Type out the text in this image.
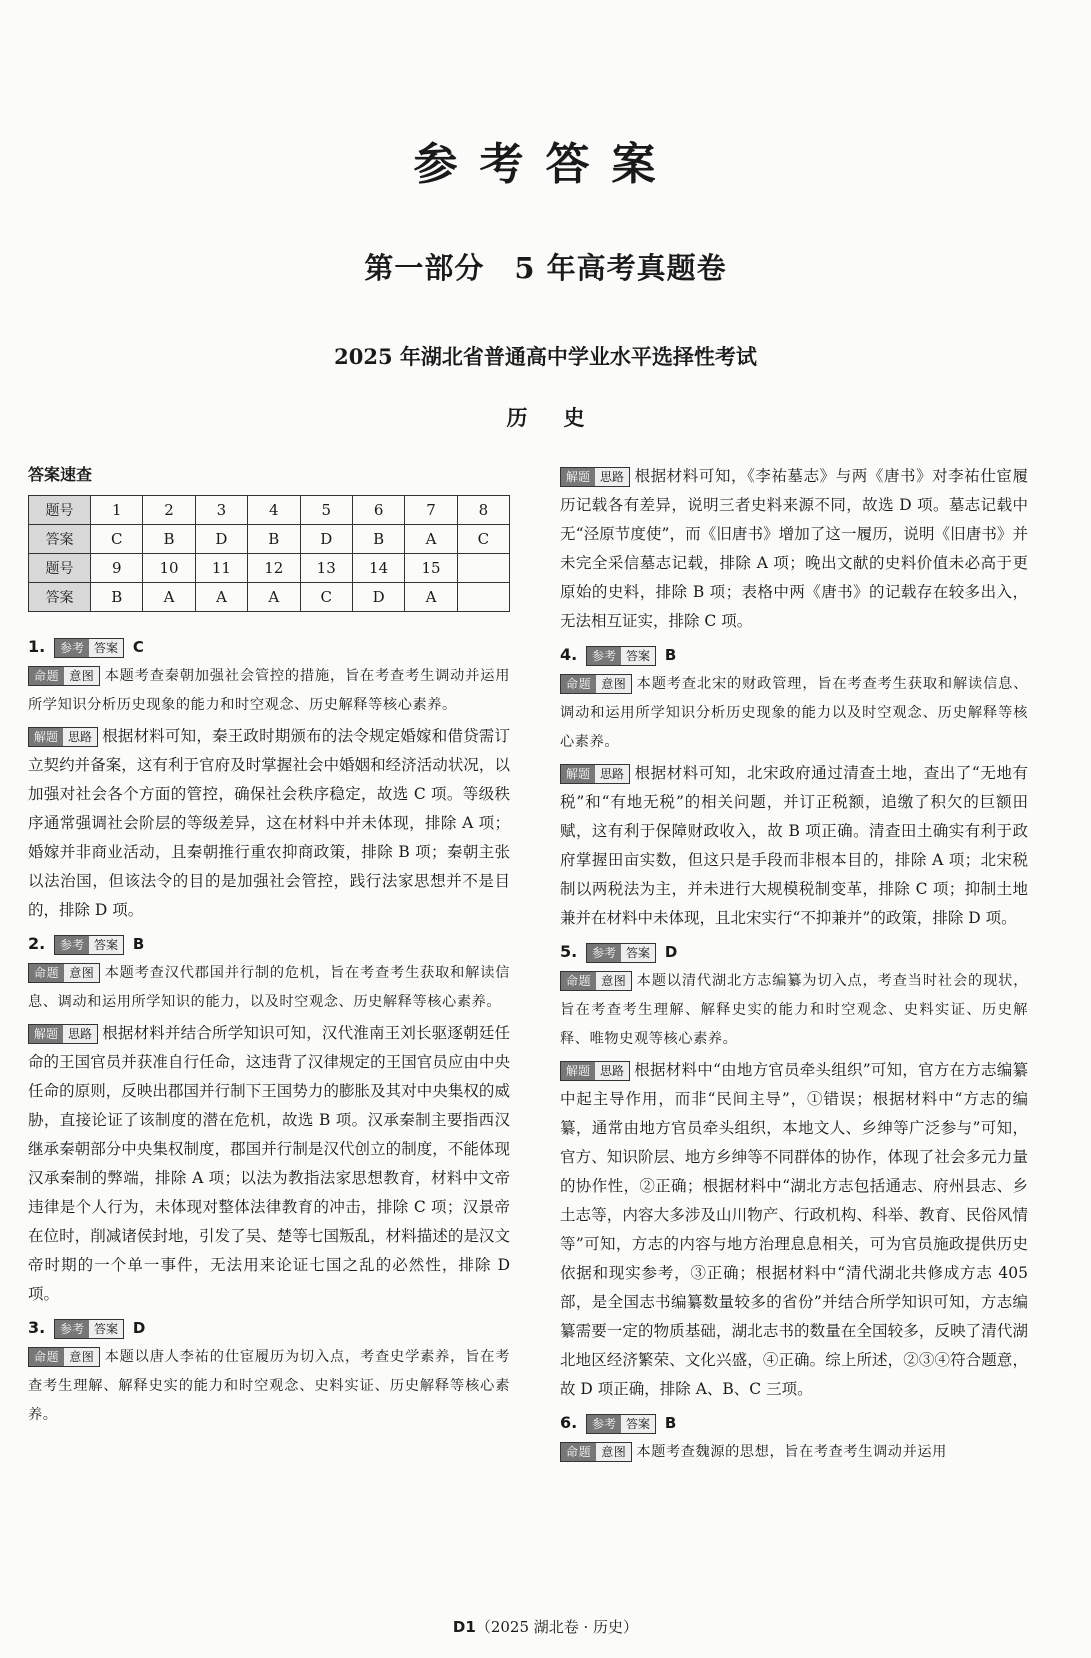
参考答案
第一部分　5 年高考真题卷
2025 年湖北省普通高中学业水平选择性考试
历史
答案速查
题号	1	2	3	4	5	6	7	8
答案	C	B	D	B	D	B	A	C
题号	9	10	11	12	13	14	15	
答案	B	A	A	A	C	D	A	
1. 参考 答案 C
命题 意图 本题考查秦朝加强社会管控的措施，旨在考查考生调动并运用所学知识分析历史现象的能力和时空观念、历史解释等核心素养。
解题 思路 根据材料可知，秦王政时期颁布的法令规定婚嫁和借贷需订立契约并备案，这有利于官府及时掌握社会中婚姻和经济活动状况，以加强对社会各个方面的管控，确保社会秩序稳定，故选 C 项。等级秩序通常强调社会阶层的等级差异，这在材料中并未体现，排除 A 项；婚嫁并非商业活动，且秦朝推行重农抑商政策，排除 B 项；秦朝主张以法治国，但该法令的目的是加强社会管控，践行法家思想并不是目的，排除 D 项。
2. 参考 答案 B
命题 意图 本题考查汉代郡国并行制的危机，旨在考查考生获取和解读信息、调动和运用所学知识的能力，以及时空观念、历史解释等核心素养。
解题 思路 根据材料并结合所学知识可知，汉代淮南王刘长驱逐朝廷任命的王国官员并获准自行任命，这违背了汉律规定的王国官员应由中央任命的原则，反映出郡国并行制下王国势力的膨胀及其对中央集权的威胁，直接论证了该制度的潜在危机，故选 B 项。汉承秦制主要指西汉继承秦朝部分中央集权制度，郡国并行制是汉代创立的制度，不能体现汉承秦制的弊端，排除 A 项；以法为教指法家思想教育，材料中文帝违律是个人行为，未体现对整体法律教育的冲击，排除 C 项；汉景帝在位时，削减诸侯封地，引发了吴、楚等七国叛乱，材料描述的是汉文帝时期的一个单一事件，无法用来论证七国之乱的必然性，排除 D 项。
3. 参考 答案 D
命题 意图 本题以唐人李祐的仕宦履历为切入点，考查史学素养，旨在考查考生理解、解释史实的能力和时空观念、史料实证、历史解释等核心素养。
解题 思路 根据材料可知，《李祐墓志》与两《唐书》对李祐仕宦履历记载各有差异，说明三者史料来源不同，故选 D 项。墓志记载中无“泾原节度使”，而《旧唐书》增加了这一履历，说明《旧唐书》并未完全采信墓志记载，排除 A 项；晚出文献的史料价值未必高于更原始的史料，排除 B 项；表格中两《唐书》的记载存在较多出入，无法相互证实，排除 C 项。
4. 参考 答案 B
命题 意图 本题考查北宋的财政管理，旨在考查考生获取和解读信息、调动和运用所学知识分析历史现象的能力以及时空观念、历史解释等核心素养。
解题 思路 根据材料可知，北宋政府通过清查土地，查出了“无地有税”和“有地无税”的相关问题，并订正税额，追缴了积欠的巨额田赋，这有利于保障财政收入，故 B 项正确。清查田土确实有利于政府掌握田亩实数，但这只是手段而非根本目的，排除 A 项；北宋税制以两税法为主，并未进行大规模税制变革，排除 C 项；抑制土地兼并在材料中未体现，且北宋实行“不抑兼并”的政策，排除 D 项。
5. 参考 答案 D
命题 意图 本题以清代湖北方志编纂为切入点，考查当时社会的现状，旨在考查考生理解、解释史实的能力和时空观念、史料实证、历史解释、唯物史观等核心素养。
解题 思路 根据材料中“由地方官员牵头组织”可知，官方在方志编纂中起主导作用，而非“民间主导”，①错误；根据材料中“方志的编纂，通常由地方官员牵头组织，本地文人、乡绅等广泛参与”可知，官方、知识阶层、地方乡绅等不同群体的协作，体现了社会多元力量的协作性，②正确；根据材料中“湖北方志包括通志、府州县志、乡土志等，内容大多涉及山川物产、行政机构、科举、教育、民俗风情等”可知，方志的内容与地方治理息息相关，可为官员施政提供历史依据和现实参考，③正确；根据材料中“清代湖北共修成方志 405 部，是全国志书编纂数量较多的省份”并结合所学知识可知，方志编纂需要一定的物质基础，湖北志书的数量在全国较多，反映了清代湖北地区经济繁荣、文化兴盛，④正确。综上所述，②③④符合题意，故 D 项正确，排除 A、B、C 三项。
6. 参考 答案 B
命题 意图 本题考查魏源的思想，旨在考查考生调动并运用
D1（2025 湖北卷 · 历史）
